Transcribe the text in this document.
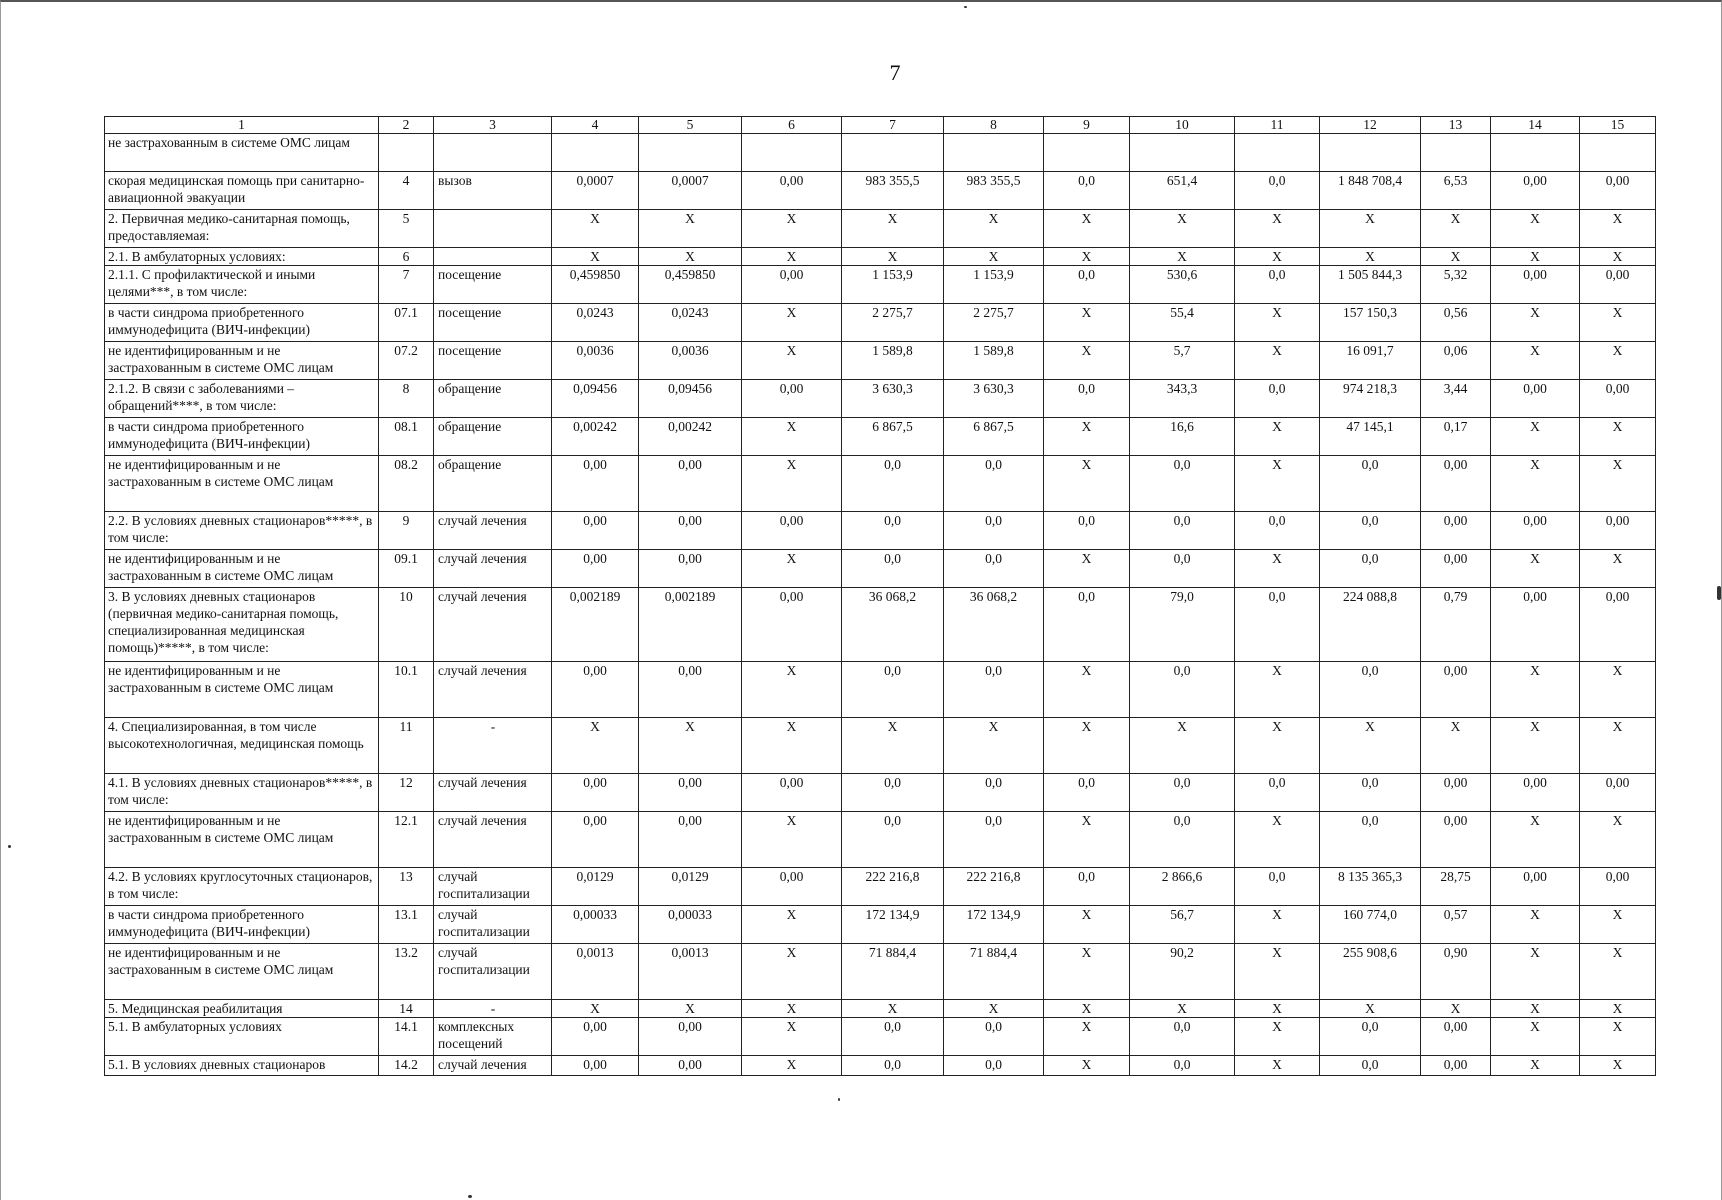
7
1	2	3	4	5	6	7	8	9	10	11	12	13	14	15
не застрахованным в системе ОМС лицам														
скорая медицинская помощь при санитарно-авиационной эвакуации	4	вызов	0,0007	0,0007	0,00	983 355,5	983 355,5	0,0	651,4	0,0	1 848 708,4	6,53	0,00	0,00
2. Первичная медико-санитарная помощь, предоставляемая:	5		X	X	X	X	X	X	X	X	X	X	X	X
2.1. В амбулаторных условиях:	6		X	X	X	X	X	X	X	X	X	X	X	X
2.1.1. С профилактической и иными целями***, в том числе:	7	посещение	0,459850	0,459850	0,00	1 153,9	1 153,9	0,0	530,6	0,0	1 505 844,3	5,32	0,00	0,00
в части синдрома приобретенного иммунодефицита (ВИЧ-инфекции)	07.1	посещение	0,0243	0,0243	X	2 275,7	2 275,7	X	55,4	X	157 150,3	0,56	X	X
не идентифицированным и не застрахованным в системе ОМС лицам	07.2	посещение	0,0036	0,0036	X	1 589,8	1 589,8	X	5,7	X	16 091,7	0,06	X	X
2.1.2. В связи с заболеваниями – обращений****, в том числе:	8	обращение	0,09456	0,09456	0,00	3 630,3	3 630,3	0,0	343,3	0,0	974 218,3	3,44	0,00	0,00
в части синдрома приобретенного иммунодефицита (ВИЧ-инфекции)	08.1	обращение	0,00242	0,00242	X	6 867,5	6 867,5	X	16,6	X	47 145,1	0,17	X	X
не идентифицированным и не застрахованным в системе ОМС лицам	08.2	обращение	0,00	0,00	X	0,0	0,0	X	0,0	X	0,0	0,00	X	X
2.2. В условиях дневных стационаров*****, в том числе:	9	случай лечения	0,00	0,00	0,00	0,0	0,0	0,0	0,0	0,0	0,0	0,00	0,00	0,00
не идентифицированным и не застрахованным в системе ОМС лицам	09.1	случай лечения	0,00	0,00	X	0,0	0,0	X	0,0	X	0,0	0,00	X	X
3. В условиях дневных стационаров (первичная медико-санитарная помощь, специализированная медицинская помощь)*****, в том числе:	10	случай лечения	0,002189	0,002189	0,00	36 068,2	36 068,2	0,0	79,0	0,0	224 088,8	0,79	0,00	0,00
не идентифицированным и не застрахованным в системе ОМС лицам	10.1	случай лечения	0,00	0,00	X	0,0	0,0	X	0,0	X	0,0	0,00	X	X
4. Специализированная, в том числе высокотехнологичная, медицинская помощь	11	-	X	X	X	X	X	X	X	X	X	X	X	X
4.1. В условиях дневных стационаров*****, в том числе:	12	случай лечения	0,00	0,00	0,00	0,0	0,0	0,0	0,0	0,0	0,0	0,00	0,00	0,00
не идентифицированным и не застрахованным в системе ОМС лицам	12.1	случай лечения	0,00	0,00	X	0,0	0,0	X	0,0	X	0,0	0,00	X	X
4.2. В условиях круглосуточных стационаров, в том числе:	13	случай госпитализации	0,0129	0,0129	0,00	222 216,8	222 216,8	0,0	2 866,6	0,0	8 135 365,3	28,75	0,00	0,00
в части синдрома приобретенного иммунодефицита (ВИЧ-инфекции)	13.1	случай госпитализации	0,00033	0,00033	X	172 134,9	172 134,9	X	56,7	X	160 774,0	0,57	X	X
не идентифицированным и не застрахованным в системе ОМС лицам	13.2	случай госпитализации	0,0013	0,0013	X	71 884,4	71 884,4	X	90,2	X	255 908,6	0,90	X	X
5. Медицинская реабилитация	14	-	X	X	X	X	X	X	X	X	X	X	X	X
5.1. В амбулаторных условиях	14.1	комплексных посещений	0,00	0,00	X	0,0	0,0	X	0,0	X	0,0	0,00	X	X
5.1. В условиях дневных стационаров	14.2	случай лечения	0,00	0,00	X	0,0	0,0	X	0,0	X	0,0	0,00	X	X
